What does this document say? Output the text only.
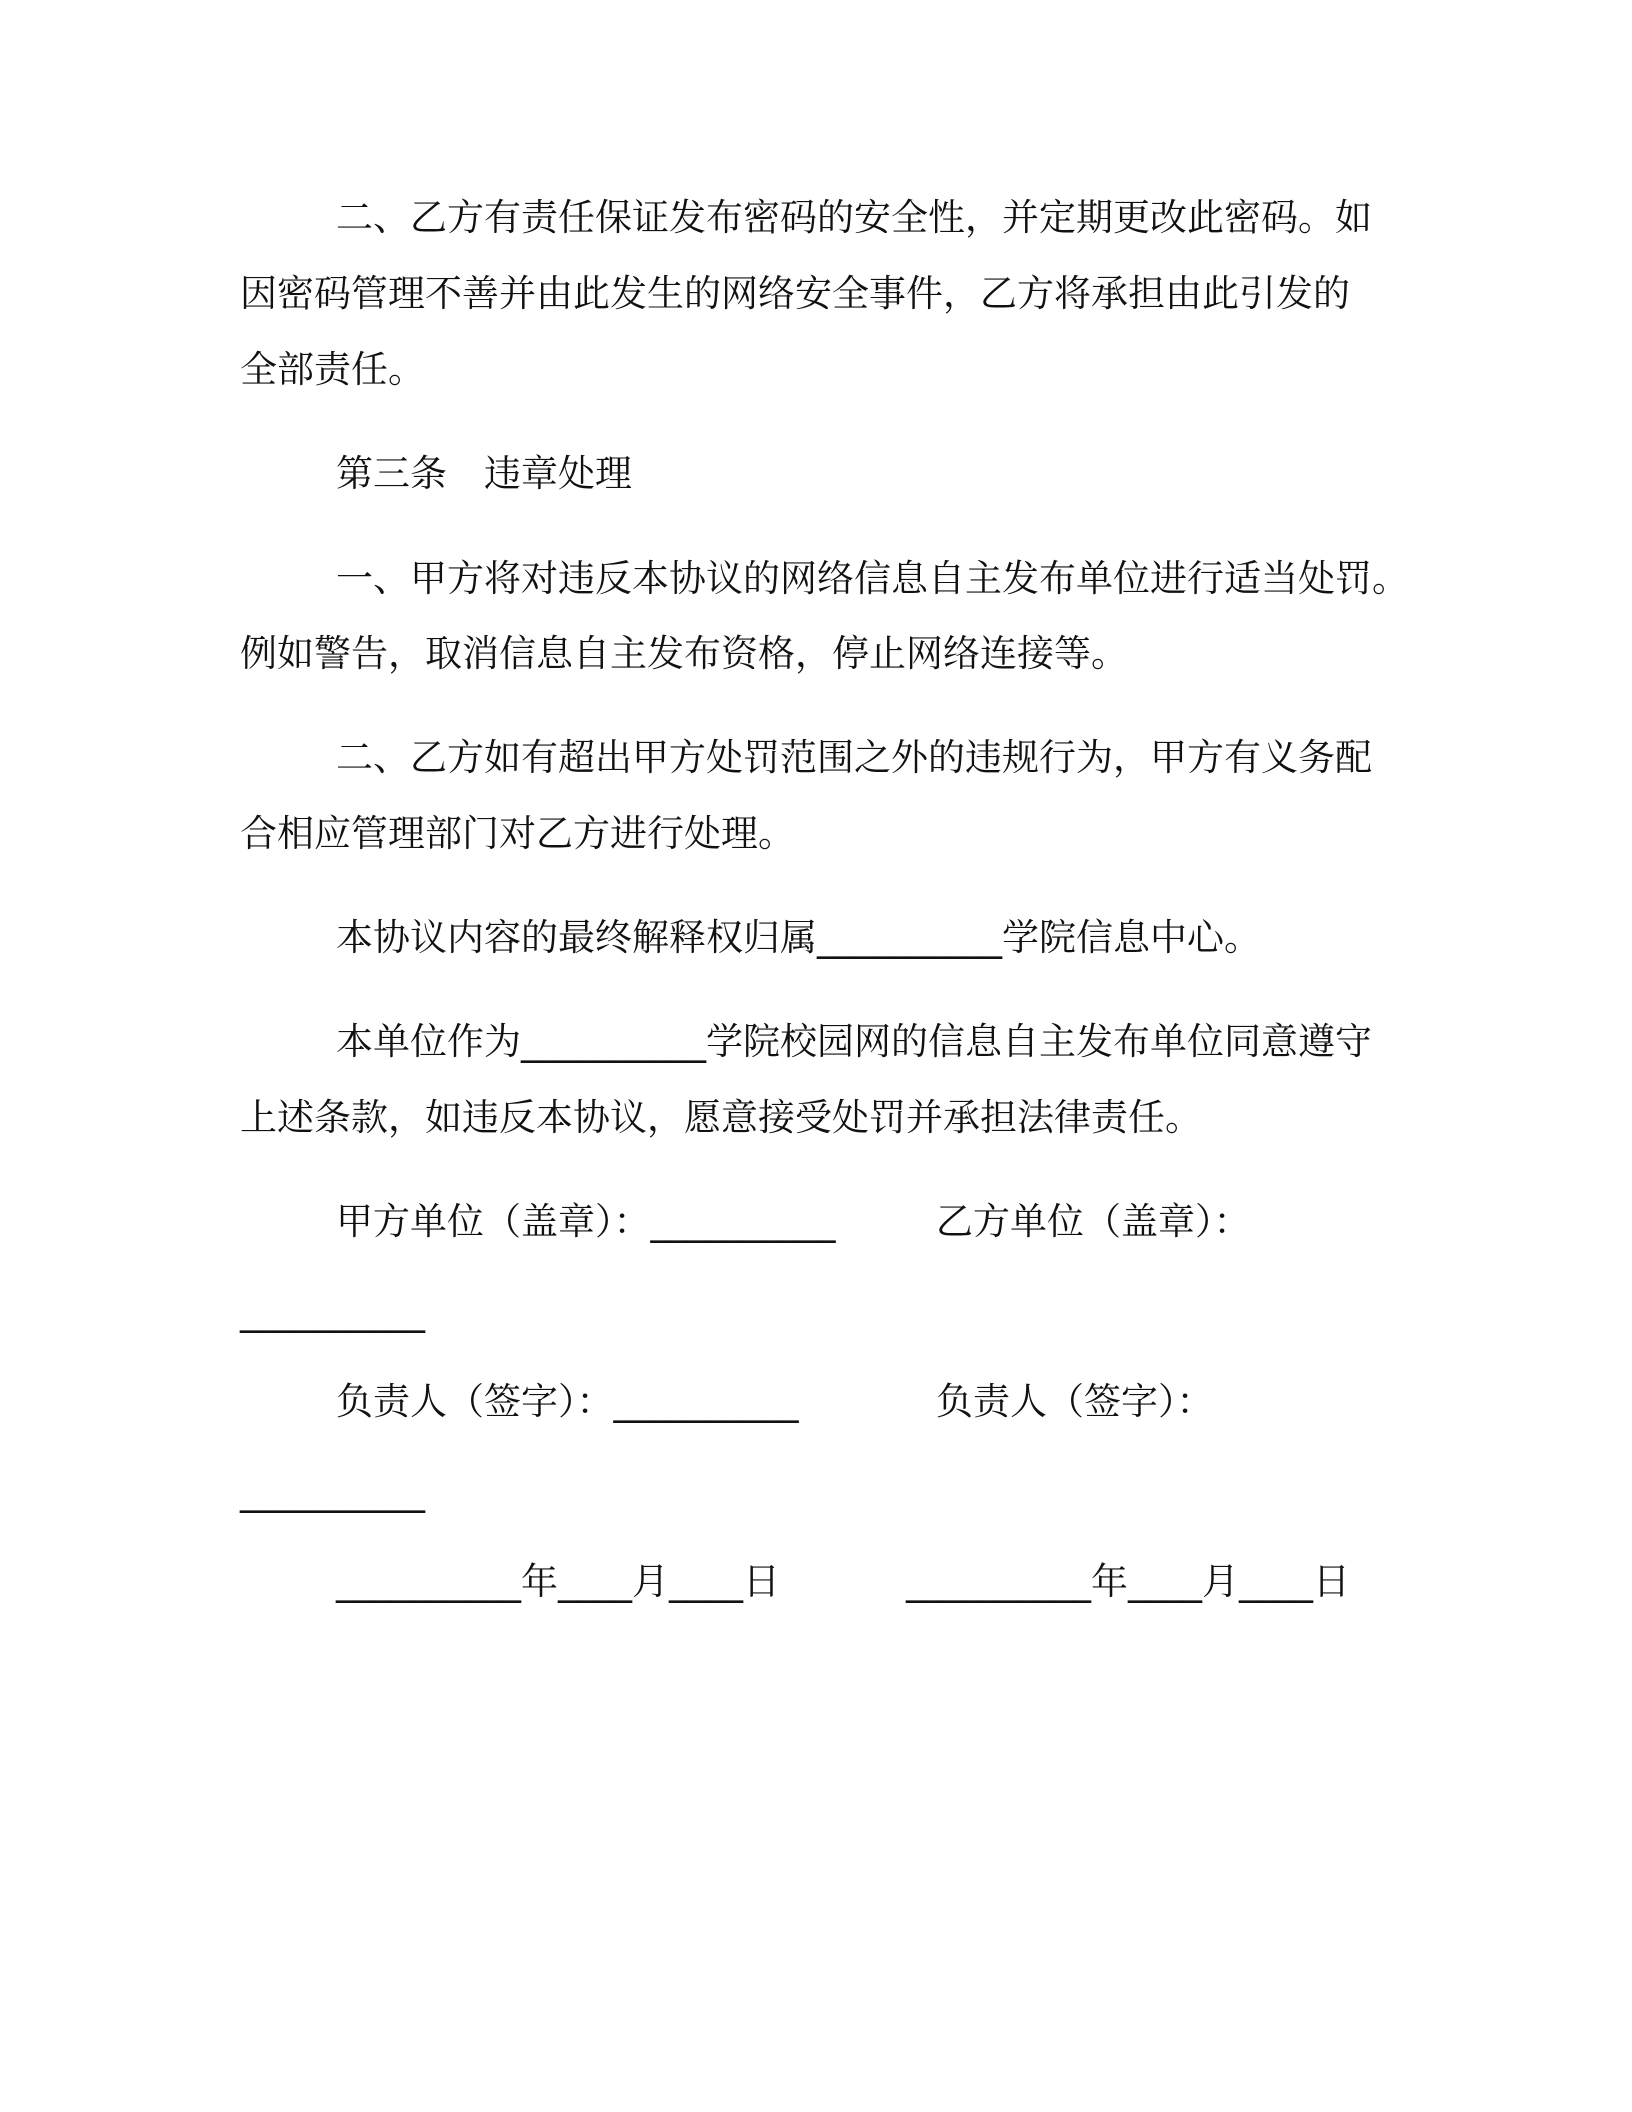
二、乙方有责任保证发布密码的安全性，并定期更改此密码。如
因密码管理不善并由此发生的网络安全事件，乙方将承担由此引发的
全部责任。
第三条　违章处理
一、甲方将对违反本协议的网络信息自主发布单位进行适当处罚。
例如警告，取消信息自主发布资格，停止网络连接等。
二、乙方如有超出甲方处罚范围之外的违规行为，甲方有义务配
合相应管理部门对乙方进行处理。
本协议内容的最终解释权归属__________学院信息中心。
本单位作为__________学院校园网的信息自主发布单位同意遵守
上述条款，如违反本协议，愿意接受处罚并承担法律责任。
甲方单位（盖章）：__________	乙方单位（盖章）：
__________
负责人（签字）：__________	负责人（签字）：
__________
__________年____月____日	__________年____月____日
